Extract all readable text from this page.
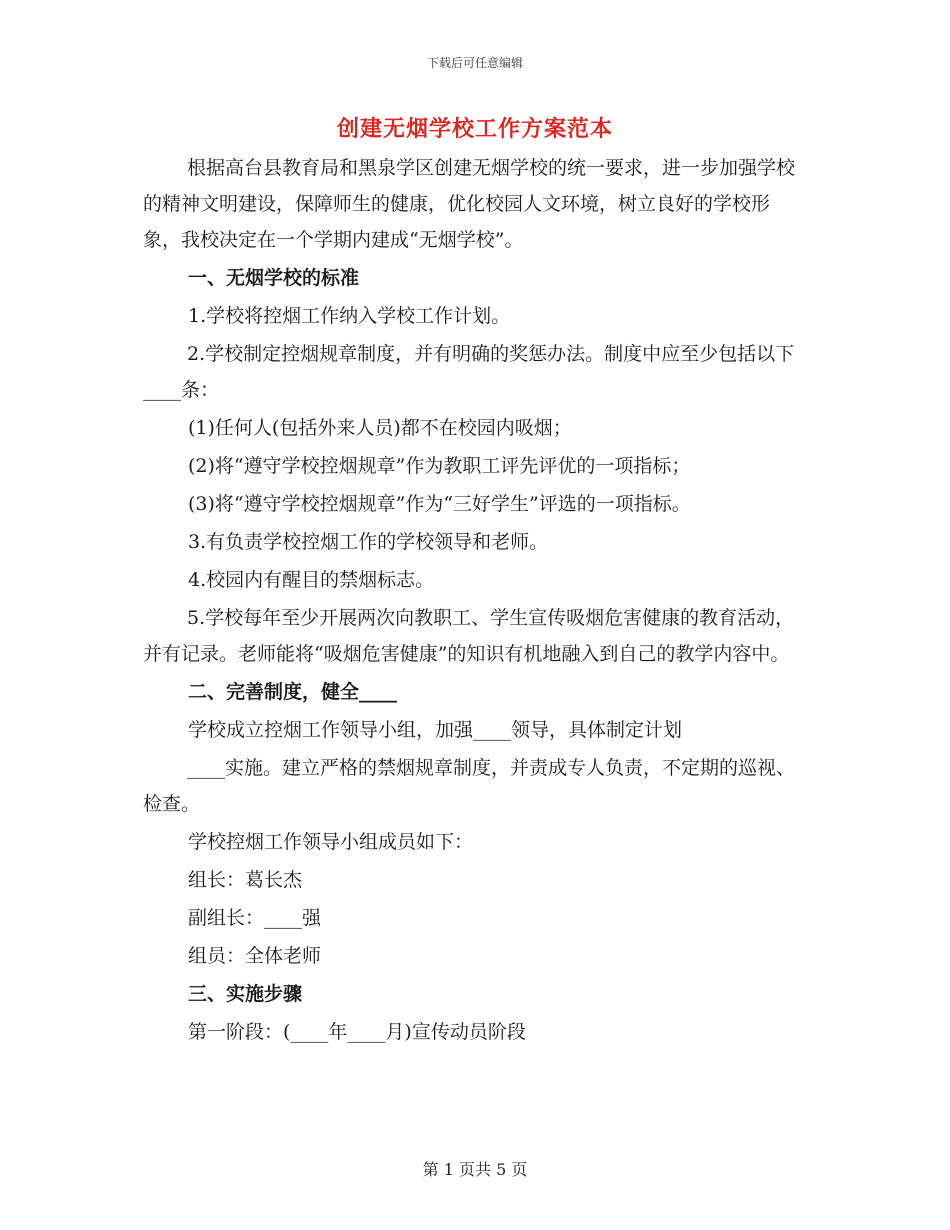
下载后可任意编辑
创建无烟学校工作方案范本

根据高台县教育局和黑泉学区创建无烟学校的统一要求，进一步加强学校的精神文明建设，保障师生的健康，优化校园人文环境，树立良好的学校形象，我校决定在一个学期内建成“无烟学校”。

一、无烟学校的标准

1.学校将控烟工作纳入学校工作计划。

2.学校制定控烟规章制度，并有明确的奖惩办法。制度中应至少包括以下____条：

(1)任何人(包括外来人员)都不在校园内吸烟；

(2)将“遵守学校控烟规章”作为教职工评先评优的一项指标；

(3)将“遵守学校控烟规章”作为“三好学生”评选的一项指标。

3.有负责学校控烟工作的学校领导和老师。

4.校园内有醒目的禁烟标志。

5.学校每年至少开展两次向教职工、学生宣传吸烟危害健康的教育活动，并有记录。老师能将“吸烟危害健康”的知识有机地融入到自己的教学内容中。

二、完善制度，健全____

学校成立控烟工作领导小组，加强____领导，具体制定计划

____实施。建立严格的禁烟规章制度，并责成专人负责，不定期的巡视、检查。

学校控烟工作领导小组成员如下：

组长：葛长杰

副组长：____强

组员：全体老师

三、实施步骤

第一阶段：(____年____月)宣传动员阶段

第 1 页共 5 页
